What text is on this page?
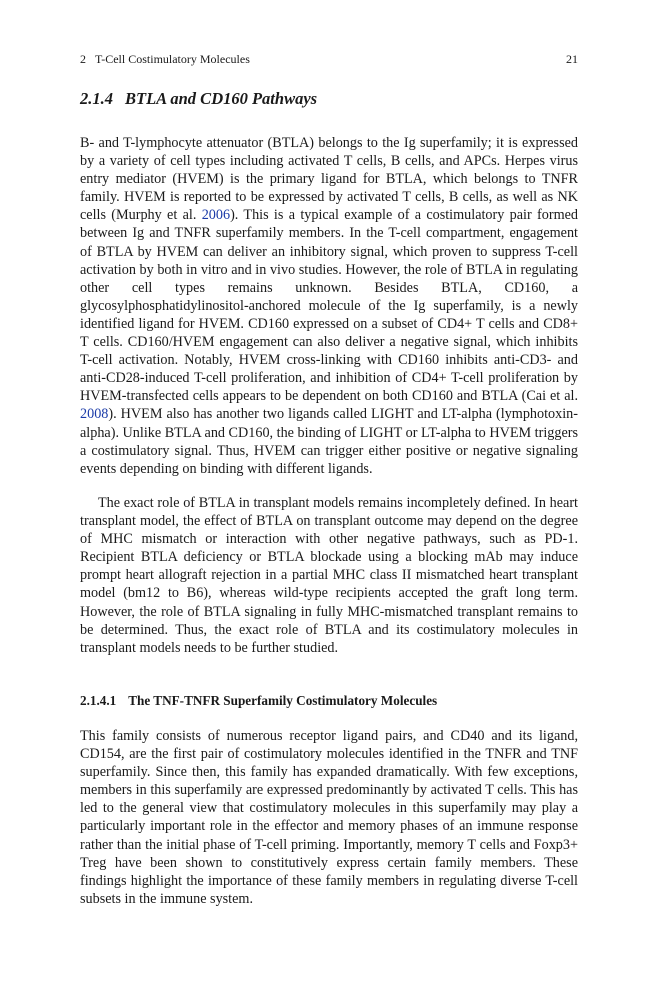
2 T-Cell Costimulatory Molecules	21
2.1.4 BTLA and CD160 Pathways

B- and T-lymphocyte attenuator (BTLA) belongs to the Ig superfamily; it is expressed by a variety of cell types including activated T cells, B cells, and APCs. Herpes virus entry mediator (HVEM) is the primary ligand for BTLA, which belongs to TNFR family. HVEM is reported to be expressed by activated T cells, B cells, as well as NK cells (Murphy et al. 2006). This is a typical example of a costimulatory pair formed between Ig and TNFR superfamily members. In the T-cell compartment, engagement of BTLA by HVEM can deliver an inhibitory signal, which proven to suppress T-cell activation by both in vitro and in vivo studies. However, the role of BTLA in regulating other cell types remains unknown. Besides BTLA, CD160, a glycosylphosphatidylinositol-anchored molecule of the Ig superfamily, is a newly identified ligand for HVEM. CD160 expressed on a subset of CD4+ T cells and CD8+ T cells. CD160/HVEM engagement can also deliver a negative signal, which inhibits T-cell activation. Notably, HVEM cross-linking with CD160 inhibits anti-CD3- and anti-CD28-induced T-cell proliferation, and inhibition of CD4+ T-cell proliferation by HVEM-transfected cells appears to be dependent on both CD160 and BTLA (Cai et al. 2008). HVEM also has another two ligands called LIGHT and LT-alpha (lymphotoxin-alpha). Unlike BTLA and CD160, the binding of LIGHT or LT-alpha to HVEM triggers a costimulatory signal. Thus, HVEM can trigger either positive or negative signaling events depending on binding with different ligands.

The exact role of BTLA in transplant models remains incompletely defined. In heart transplant model, the effect of BTLA on transplant outcome may depend on the degree of MHC mismatch or interaction with other negative pathways, such as PD-1. Recipient BTLA deficiency or BTLA blockade using a blocking mAb may induce prompt heart allograft rejection in a partial MHC class II mismatched heart transplant model (bm12 to B6), whereas wild-type recipients accepted the graft long term. However, the role of BTLA signaling in fully MHC-mismatched transplant remains to be determined. Thus, the exact role of BTLA and its costimulatory molecules in transplant models needs to be further studied.

2.1.4.1 The TNF-TNFR Superfamily Costimulatory Molecules

This family consists of numerous receptor ligand pairs, and CD40 and its ligand, CD154, are the first pair of costimulatory molecules identified in the TNFR and TNF superfamily. Since then, this family has expanded dramatically. With few exceptions, members in this superfamily are expressed predominantly by activated T cells. This has led to the general view that costimulatory molecules in this superfamily may play a particularly important role in the effector and memory phases of an immune response rather than the initial phase of T-cell priming. Importantly, memory T cells and Foxp3+ Treg have been shown to constitutively express certain family members. These findings highlight the importance of these family members in regulating diverse T-cell subsets in the immune system.
